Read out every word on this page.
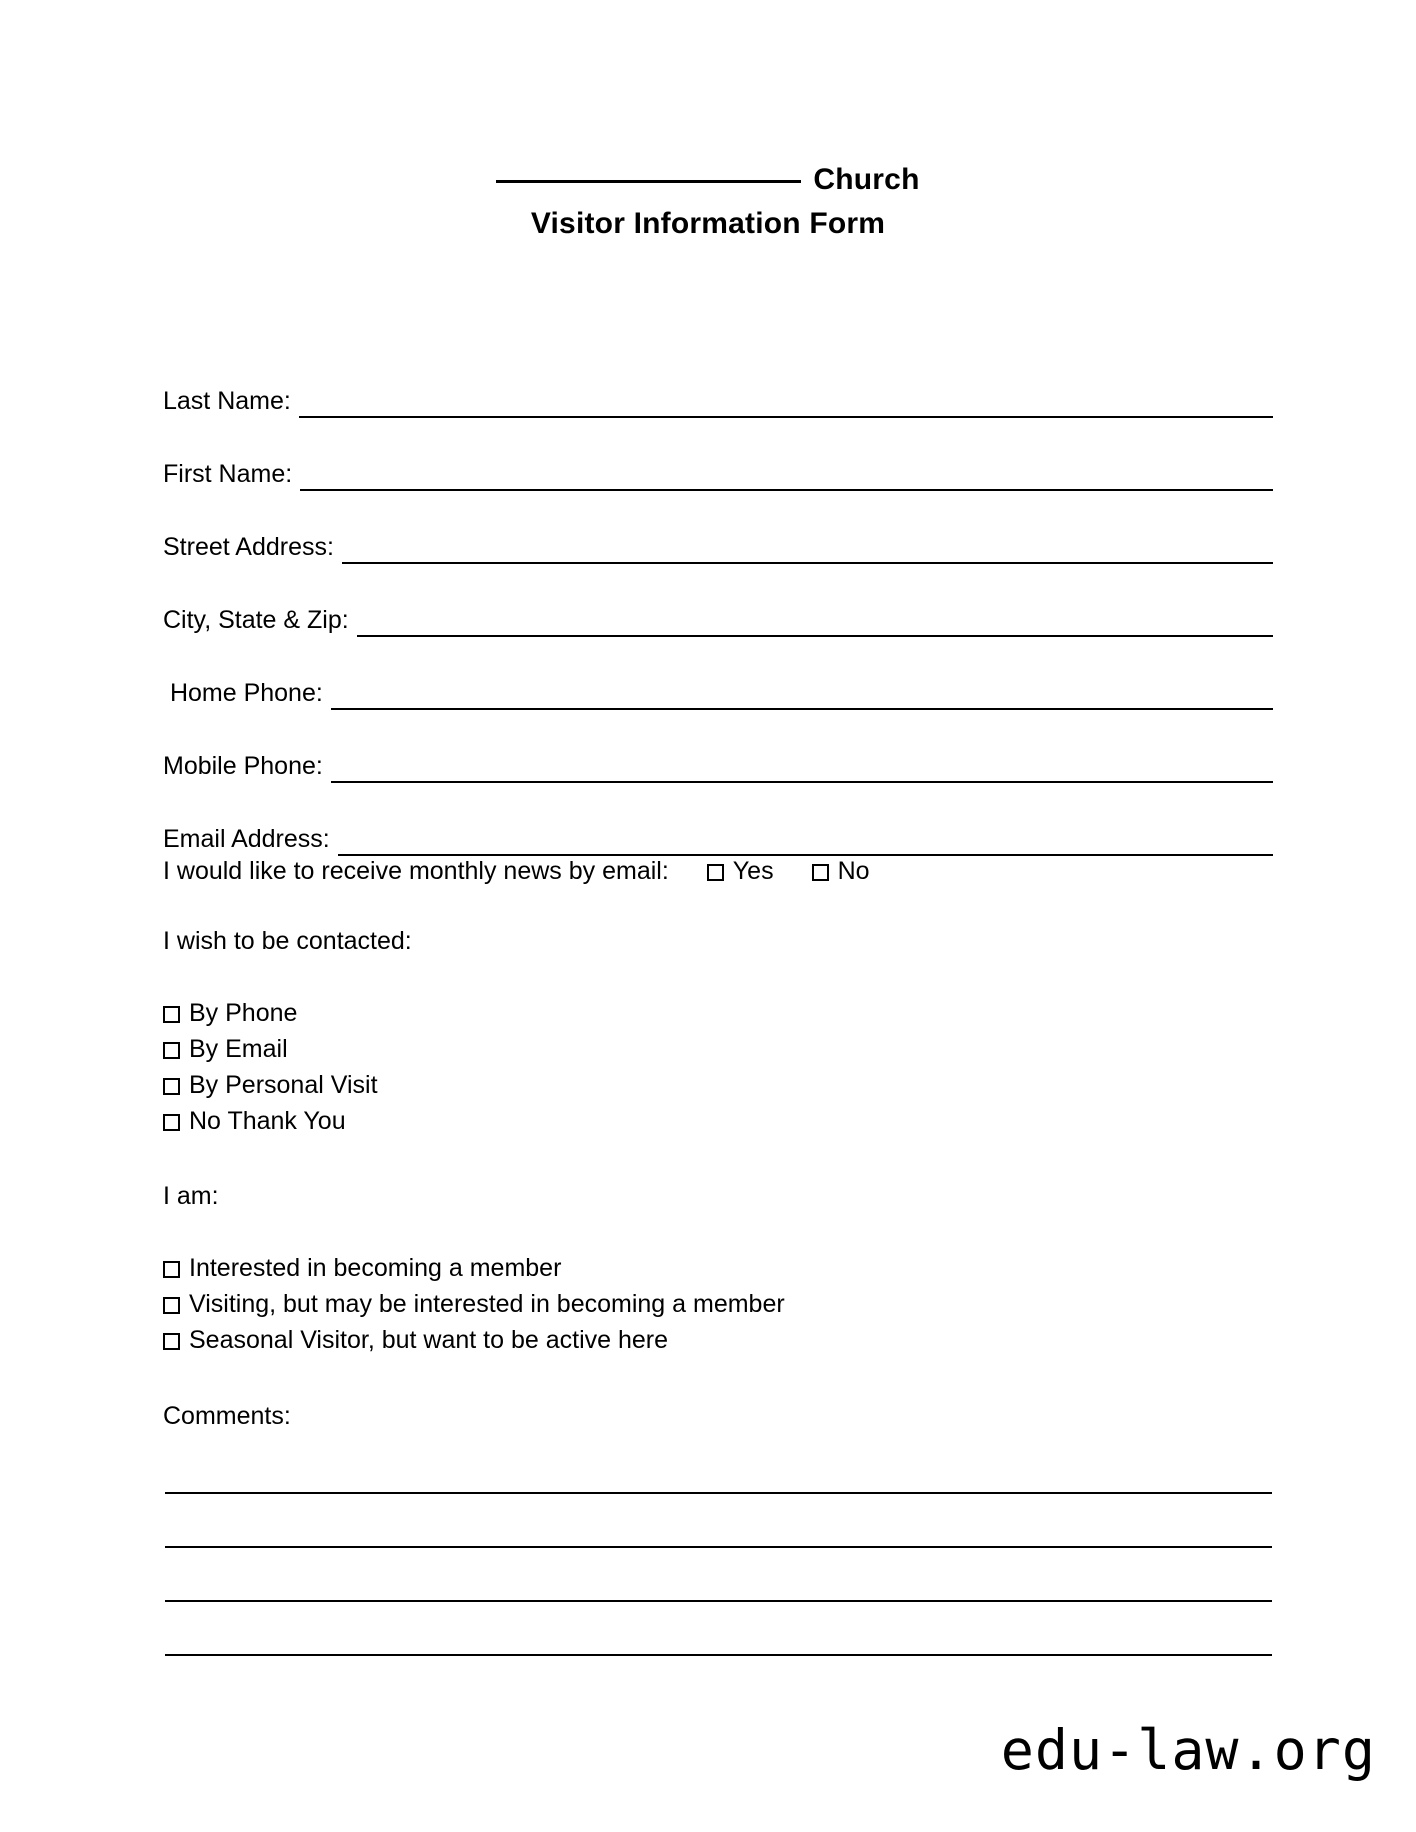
Church
Visitor Information Form
Last Name:
First Name:
Street Address:
City, State & Zip:
Home Phone:
Mobile Phone:
Email Address:
I would like to receive monthly news by email:	Yes	No
I wish to be contacted:
By Phone
By Email
By Personal Visit
No Thank You
I am:
Interested in becoming a member
Visiting, but may be interested in becoming a member
Seasonal Visitor, but want to be active here
Comments:
edu-law.org
